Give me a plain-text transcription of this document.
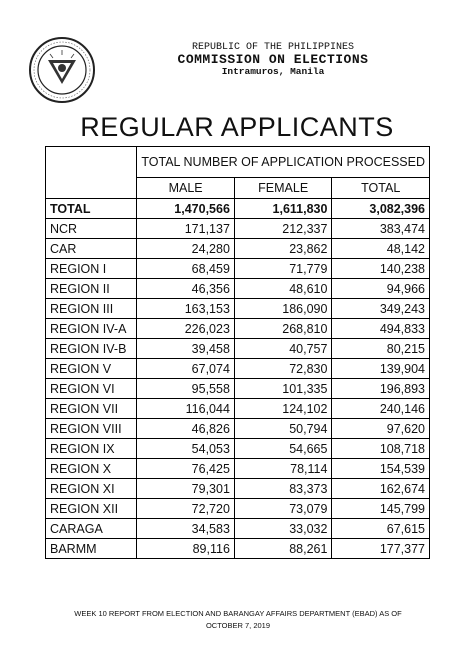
REPUBLIC OF THE PHILIPPINES
COMMISSION ON ELECTIONS
Intramuros, Manila
REGULAR APPLICANTS
	TOTAL NUMBER OF APPLICATION PROCESSED		
	MALE	FEMALE	TOTAL
TOTAL	1,470,566	1,611,830	3,082,396
NCR	171,137	212,337	383,474
CAR	24,280	23,862	48,142
REGION I	68,459	71,779	140,238
REGION II	46,356	48,610	94,966
REGION III	163,153	186,090	349,243
REGION IV-A	226,023	268,810	494,833
REGION IV-B	39,458	40,757	80,215
REGION V	67,074	72,830	139,904
REGION VI	95,558	101,335	196,893
REGION VII	116,044	124,102	240,146
REGION VIII	46,826	50,794	97,620
REGION IX	54,053	54,665	108,718
REGION X	76,425	78,114	154,539
REGION XI	79,301	83,373	162,674
REGION XII	72,720	73,079	145,799
CARAGA	34,583	33,032	67,615
BARMM	89,116	88,261	177,377
WEEK 10 REPORT FROM ELECTION AND BARANGAY AFFAIRS DEPARTMENT (EBAD) AS OF
OCTOBER 7, 2019
